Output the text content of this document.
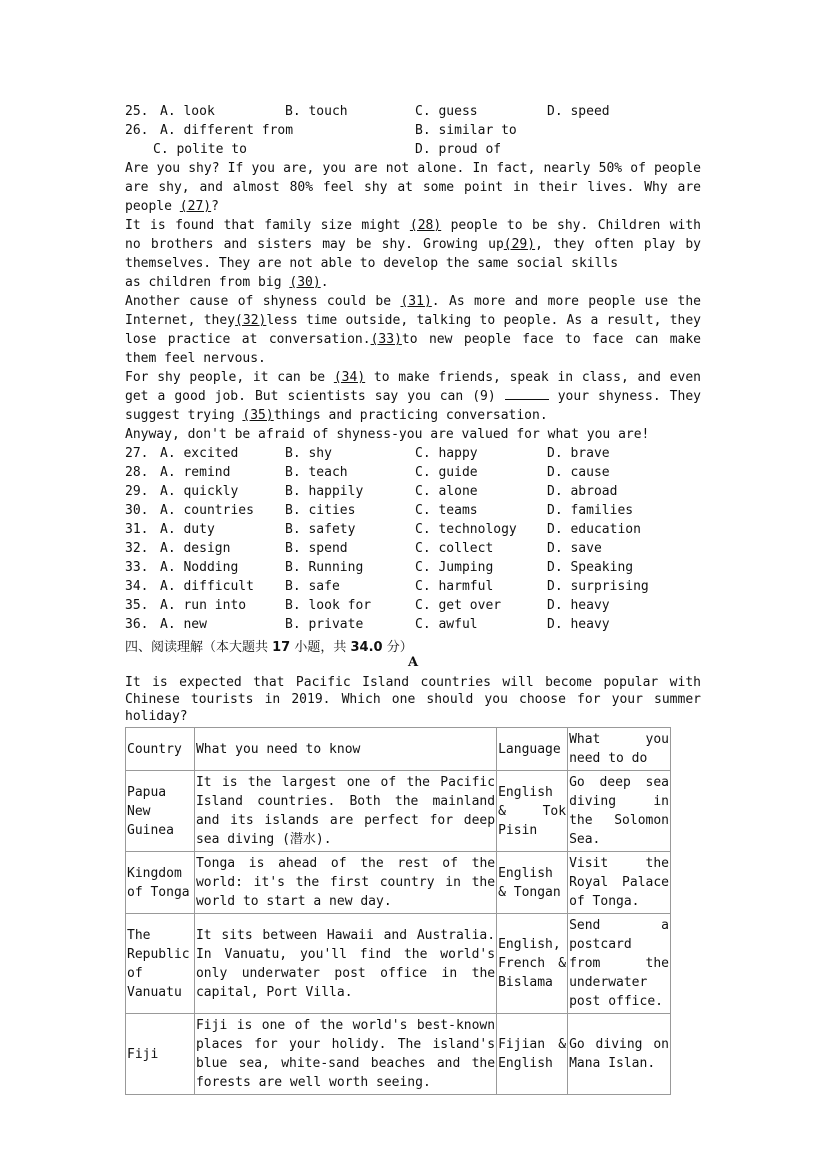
25. A. look	B. touch	C. guess	D. speed
26. A. different from	B. similar to
C. polite to	D. proud of

Are you shy? If you are, you are not alone. In fact, nearly 50% of people are shy, and almost 80% feel shy at some point in their lives. Why are people (27)?

It is found that family size might (28) people to be shy. Children with no brothers and sisters may be shy. Growing up(29), they often play by themselves. They are not able to develop the same social skills

as children from big (30).

Another cause of shyness could be (31). As more and more people use the Internet, they(32)less time outside, talking to people. As a result, they lose practice at conversation.(33)to new people face to face can make them feel nervous.

For shy people, it can be (34) to make friends, speak in class, and even get a good job. But scientists say you can (9)	your shyness. They suggest trying (35)things and practicing conversation.

Anyway, don't be afraid of shyness-you are valued for what you are!

27. A. excited	B. shy	C. happy	D. brave
28. A. remind	B. teach	C. guide	D. cause
29. A. quickly	B. happily	C. alone	D. abroad
30. A. countries B. cities	C. teams	D. families
31. A. duty	B. safety	C. technology D. education
32. A. design	B. spend	C. collect	D. save
33. A. Nodding	B. Running	C. Jumping	D. Speaking
34. A. difficult B. safe	C. harmful	D. surprising
35. A. run into	B. look for	C. get over	D. heavy
36. A. new	B. private	C. awful	D. heavy
四、阅读理解（本大题共 17 小题，共 34.0 分）
A
It is expected that Pacific Island countries will become popular with Chinese tourists in 2019. Which one should you choose for your summer holiday?
Country	What you need to know	Language	What you need to do
Papua New Guinea	It is the largest one of the Pacific Island countries. Both the mainland and its islands are perfect for deep sea diving (潜水).	English & Tok Pisin	Go deep sea diving in the Solomon Sea.
Kingdom of Tonga	Tonga is ahead of the rest of the world: it's the first country in the world to start a new day.	English & Tongan	Visit the Royal Palace of Tonga.
The Republic of Vanuatu	It sits between Hawaii and Australia. In Vanuatu, you'll find the world's only underwater post office in the capital, Port Villa.	English, French & Bislama	Send a postcard from the underwater post office.
Fiji	Fiji is one of the world's best-known places for your holidy. The island's blue sea, white-sand beaches and the forests are well worth seeing.	Fijian & English	Go diving on Mana Islan.
